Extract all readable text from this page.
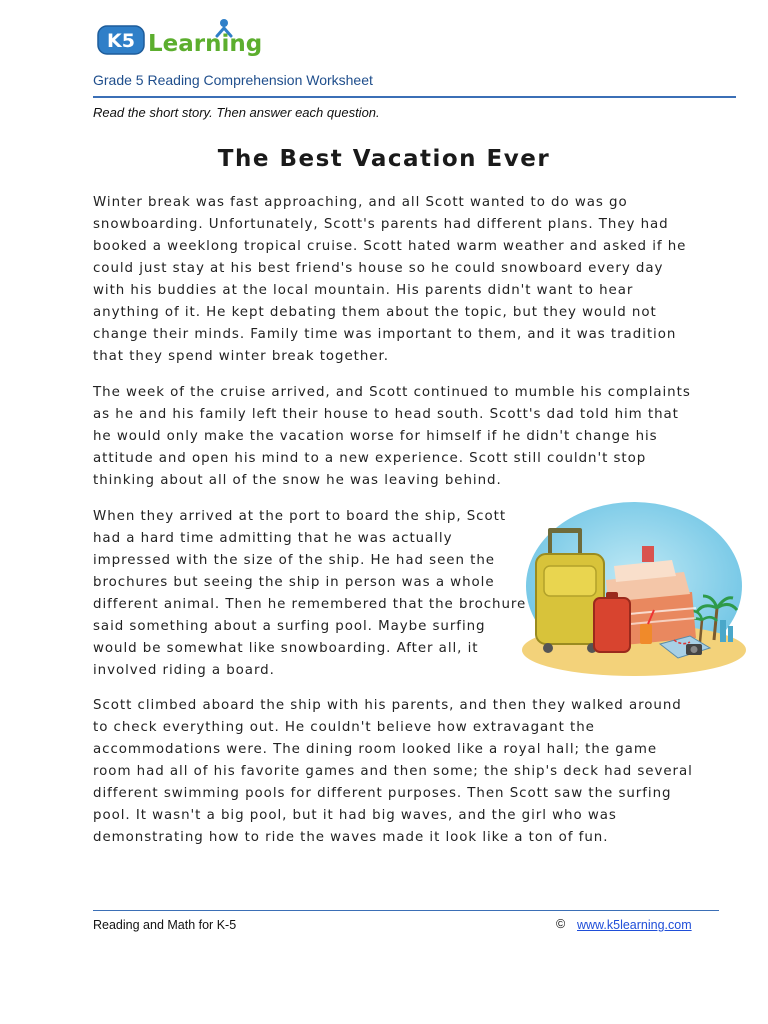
K5 Learning
Grade 5 Reading Comprehension Worksheet
Read the short story. Then answer each question.
The Best Vacation Ever

Winter break was fast approaching, and all Scott wanted to do was go snowboarding. Unfortunately, Scott's parents had different plans. They had booked a weeklong tropical cruise. Scott hated warm weather and asked if he could just stay at his best friend's house so he could snowboard every day with his buddies at the local mountain. His parents didn't want to hear anything of it. He kept debating them about the topic, but they would not change their minds. Family time was important to them, and it was tradition that they spend winter break together.

The week of the cruise arrived, and Scott continued to mumble his complaints as he and his family left their house to head south. Scott's dad told him that he would only make the vacation worse for himself if he didn't change his attitude and open his mind to a new experience. Scott still couldn't stop thinking about all of the snow he was leaving behind.

When they arrived at the port to board the ship, Scott had a hard time admitting that he was actually impressed with the size of the ship. He had seen the brochures but seeing the ship in person was a whole different animal. Then he remembered that the brochure said something about a surfing pool. Maybe surfing would be somewhat like snowboarding. After all, it involved riding a board.

Scott climbed aboard the ship with his parents, and then they walked around to check everything out. He couldn't believe how extravagant the accommodations were. The dining room looked like a royal hall; the game room had all of his favorite games and then some; the ship's deck had several different swimming pools for different purposes. Then Scott saw the surfing pool. It wasn't a big pool, but it had big waves, and the girl who was demonstrating how to ride the waves made it look like a ton of fun.

Reading and Math for K-5	© www.k5learning.com
